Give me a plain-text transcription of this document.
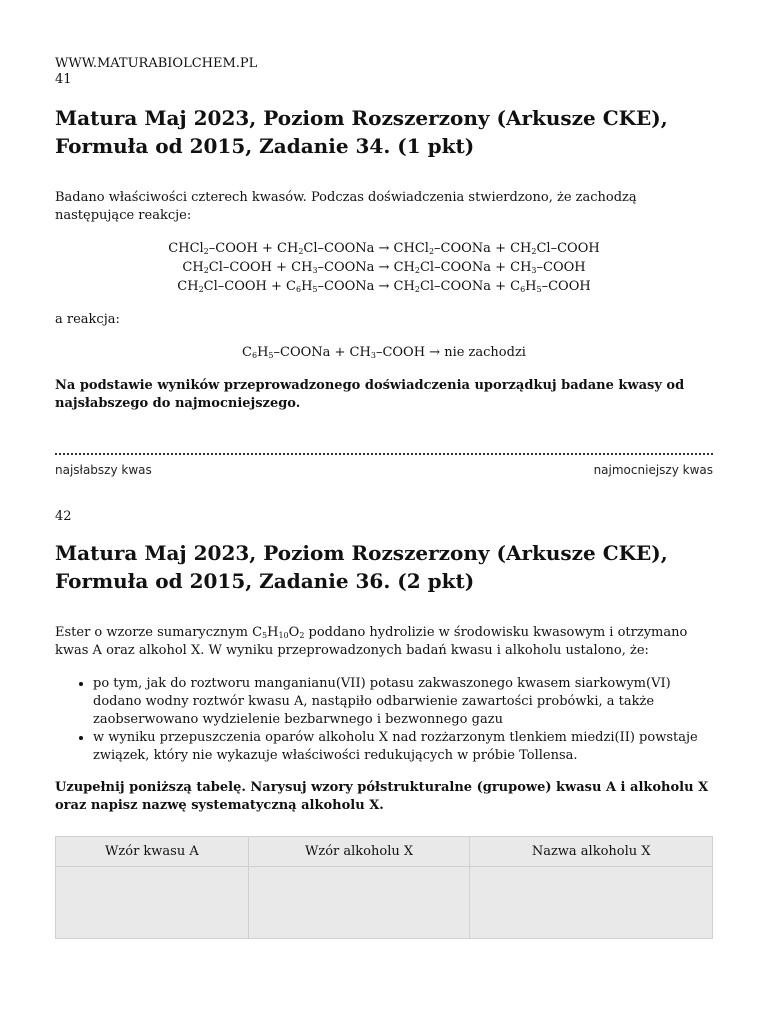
WWW.MATURABIOLCHEM.PL
41
Matura Maj 2023, Poziom Rozszerzony (Arkusze CKE), Formuła od 2015, Zadanie 34. (1 pkt)

Badano właściwości czterech kwasów. Podczas doświadczenia stwierdzono, że zachodzą następujące reakcje:

CHCl$_2$–COOH + $CH_2Cl$–COONa → CHCl$_2$–COONa + $CH_2Cl$–COOH
$CH_2Cl$–COOH + $CH_3$–COONa → $CH_2Cl$–COONa + $CH_3$–COOH
$CH_2Cl$–COOH + $C_6H_5$–COONa → $CH_2Cl$–COONa + $C_6H_5$–COOH

a reakcja:

$C_6H_5$–COONa + $CH_3$–COOH → nie zachodzi

Na podstawie wyników przeprowadzonego doświadczenia uporządkuj badane kwasy od najsłabszego do najmocniejszego.

najsłabszy kwas	najmocniejszy kwas
42
Matura Maj 2023, Poziom Rozszerzony (Arkusze CKE), Formuła od 2015, Zadanie 36. (2 pkt)

Ester o wzorze sumarycznym $C_5H_{10}O_2$ poddano hydrolizie w środowisku kwasowym i otrzymano kwas A oraz alkohol X. W wyniku przeprowadzonych badań kwasu i alkoholu ustalono, że:

• po tym, jak do roztworu manganianu(VII) potasu zakwaszonego kwasem siarkowym(VI) dodano wodny roztwór kwasu A, nastąpiło odbarwienie zawartości probówki, a także zaobserwowano wydzielenie bezbarwnego i bezwonnego gazu
• w wyniku przepuszczenia oparów alkoholu X nad rozżarzonym tlenkiem miedzi(II) powstaje związek, który nie wykazuje właściwości redukujących w próbie Tollensa.

Uzupełnij poniższą tabelę. Narysuj wzory półstrukturalne (grupowe) kwasu A i alkoholu X oraz napisz nazwę systematyczną alkoholu X.

Wzór kwasu A	Wzór alkoholu X	Nazwa alkoholu X
